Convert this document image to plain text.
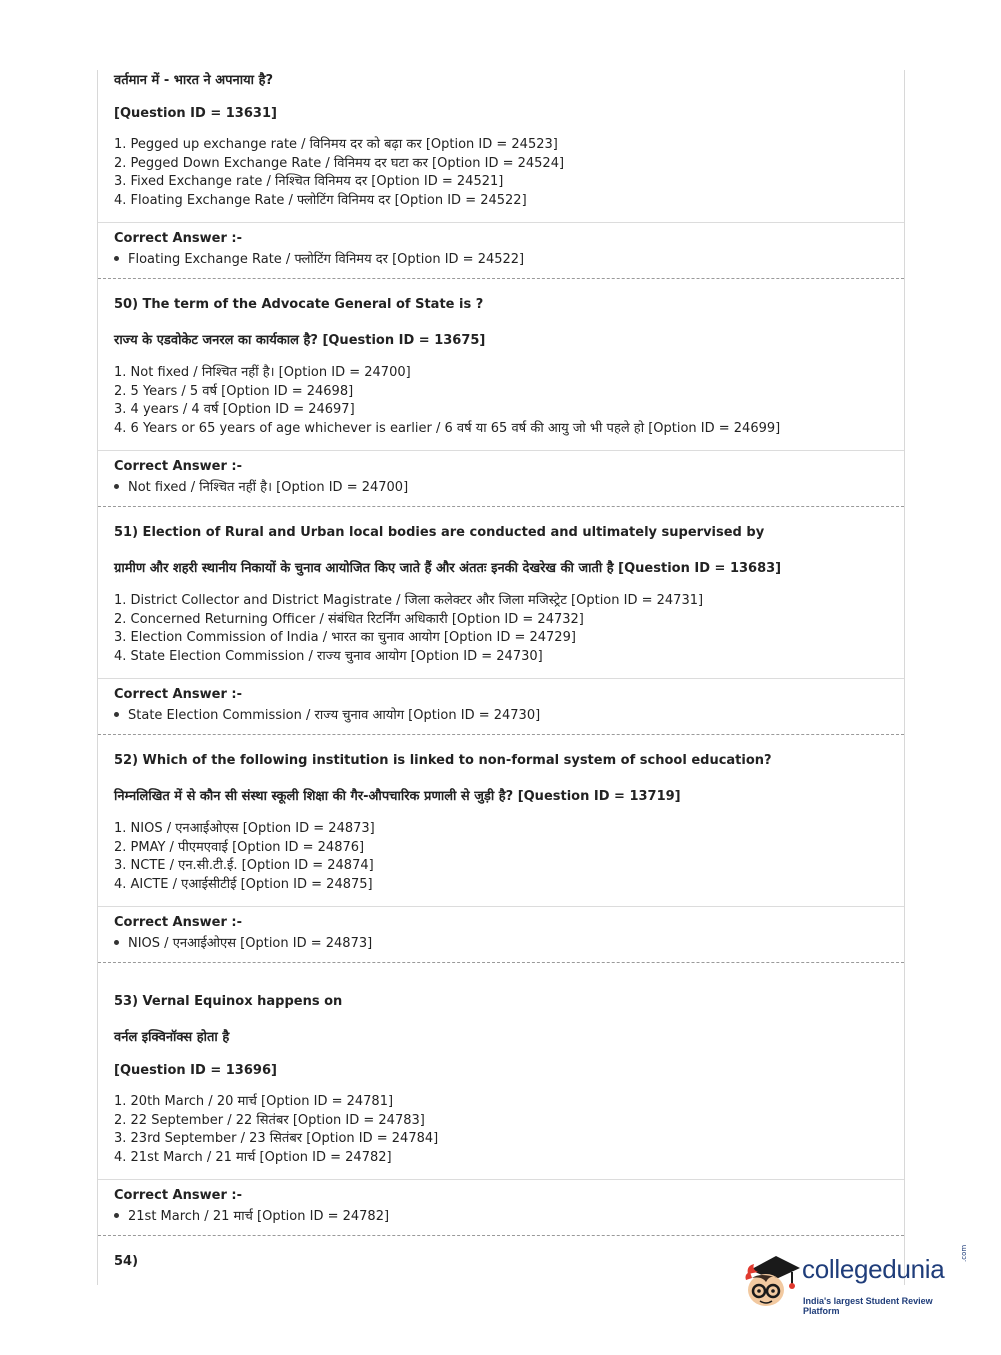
वर्तमान में - भारत ने अपनाया है?
[Question ID = 13631]
1. Pegged up exchange rate / विनिमय दर को बढ़ा कर [Option ID = 24523]
2. Pegged Down Exchange Rate / विनिमय दर घटा कर [Option ID = 24524]
3. Fixed Exchange rate / निश्चित विनिमय दर [Option ID = 24521]
4. Floating Exchange Rate / फ्लोटिंग विनिमय दर [Option ID = 24522]
Correct Answer :-
Floating Exchange Rate / फ्लोटिंग विनिमय दर [Option ID = 24522]
50) The term of the Advocate General of State is ?
राज्य के एडवोकेट जनरल का कार्यकाल है? [Question ID = 13675]
1. Not fixed / निश्चित नहीं है। [Option ID = 24700]
2. 5 Years / 5 वर्ष [Option ID = 24698]
3. 4 years / 4 वर्ष [Option ID = 24697]
4. 6 Years or 65 years of age whichever is earlier / 6 वर्ष या 65 वर्ष की आयु जो भी पहले हो [Option ID = 24699]
Correct Answer :-
Not fixed / निश्चित नहीं है। [Option ID = 24700]
51) Election of Rural and Urban local bodies are conducted and ultimately supervised by
ग्रामीण और शहरी स्थानीय निकायों के चुनाव आयोजित किए जाते हैं और अंततः इनकी देखरेख की जाती है [Question ID = 13683]
1. District Collector and District Magistrate / जिला कलेक्टर और जिला मजिस्ट्रेट [Option ID = 24731]
2. Concerned Returning Officer / संबंधित रिटर्निंग अधिकारी [Option ID = 24732]
3. Election Commission of India / भारत का चुनाव आयोग [Option ID = 24729]
4. State Election Commission / राज्य चुनाव आयोग [Option ID = 24730]
Correct Answer :-
State Election Commission / राज्य चुनाव आयोग [Option ID = 24730]
52) Which of the following institution is linked to non-formal system of school education?
निम्नलिखित में से कौन सी संस्था स्कूली शिक्षा की गैर-औपचारिक प्रणाली से जुड़ी है? [Question ID = 13719]
1. NIOS / एनआईओएस [Option ID = 24873]
2. PMAY / पीएमएवाई [Option ID = 24876]
3. NCTE / एन.सी.टी.ई. [Option ID = 24874]
4. AICTE / एआईसीटीई [Option ID = 24875]
Correct Answer :-
NIOS / एनआईओएस [Option ID = 24873]
53) Vernal Equinox happens on
वर्नल इक्विनॉक्स होता है
[Question ID = 13696]
1. 20th March / 20 मार्च [Option ID = 24781]
2. 22 September / 22 सितंबर [Option ID = 24783]
3. 23rd September / 23 सितंबर [Option ID = 24784]
4. 21st March / 21 मार्च [Option ID = 24782]
Correct Answer :-
21st March / 21 मार्च [Option ID = 24782]
54)	collegedunia
.com
India's largest Student Review Platform
